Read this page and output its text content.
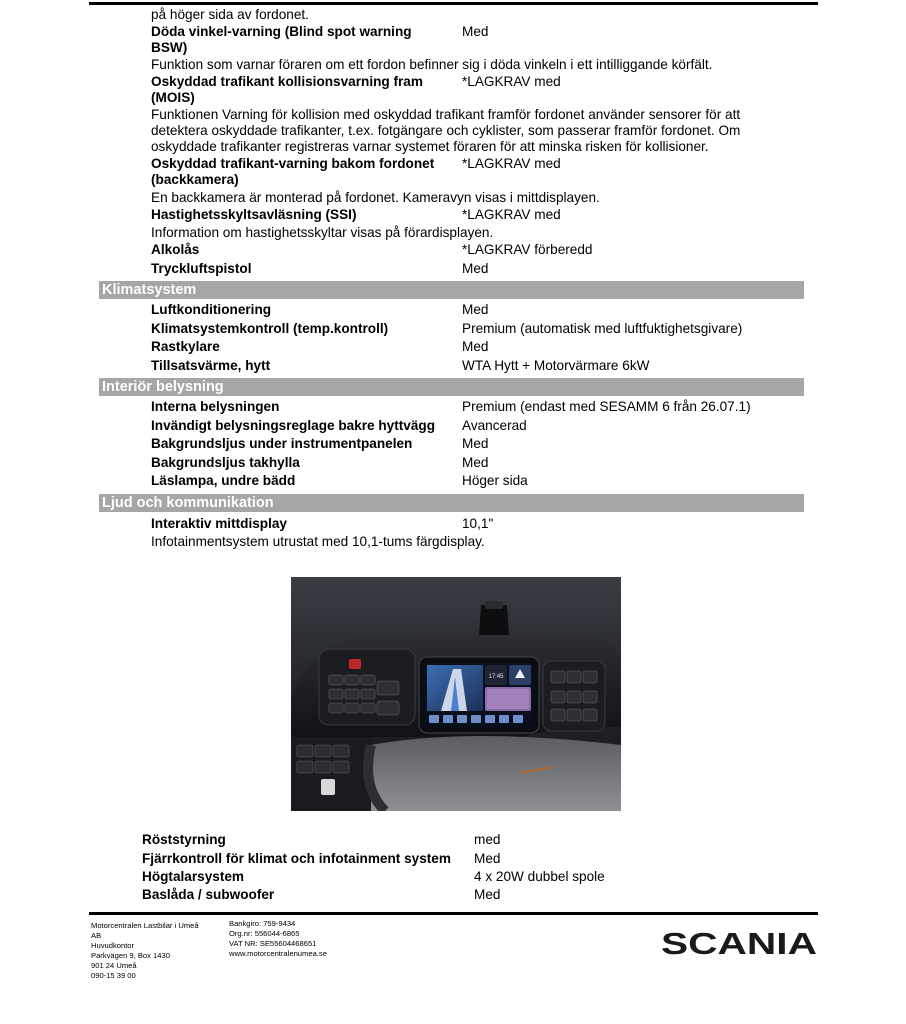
på höger sida av fordonet.
Döda vinkel-varning (Blind spot warning	Med
BSW)
Funktion som varnar föraren om ett fordon befinner sig i döda vinkeln i ett intilliggande körfält.
Oskyddad trafikant kollisionsvarning fram	*LAGKRAV med
(MOIS)
Funktionen Varning för kollision med oskyddad trafikant framför fordonet använder sensorer för att
detektera oskyddade trafikanter, t.ex. fotgängare och cyklister, som passerar framför fordonet. Om
oskyddade trafikanter registreras varnar systemet föraren för att minska risken för kollisioner.
Oskyddad trafikant-varning bakom fordonet *LAGKRAV med
(backkamera)
En backkamera är monterad på fordonet. Kameravyn visas i mittdisplayen.
Hastighetsskyltsavläsning (SSI)	*LAGKRAV med
Information om hastighetsskyltar visas på förardisplayen.
Alkolås	*LAGKRAV förberedd
Tryckluftspistol	Med
Klimatsystem
Luftkonditionering	Med
Klimatsystemkontroll (temp.kontroll)	Premium (automatisk med luftfuktighetsgivare)
Rastkylare	Med
Tillsatsvärme, hytt	WTA Hytt + Motorvärmare 6kW
Interiör belysning
Interna belysningen	Premium (endast med SESAMM 6 från 26.07.1)
Invändigt belysningsreglage bakre hyttvägg Avancerad
Bakgrundsljus under instrumentpanelen	Med
Bakgrundsljus takhylla	Med
Läslampa, undre bädd	Höger sida
Ljud och kommunikation
Interaktiv mittdisplay	10,1"
Infotainmentsystem utrustat med 10,1-tums färgdisplay.
17:45
Röststyrning	med
Fjärrkontroll för klimat och infotainment system Med
Högtalarsystem	4 x 20W dubbel spole
Baslåda / subwoofer	Med
Motorcentralen Lastbilar i Umeå
AB
Huvudkontor
Parkvägen 9, Box 1430
901 24 Umeå
090-15 39 00
Bankgiro: 759-9434
Org.nr: 556044-6865
VAT NR: SE55604468651
www.motorcentralenumea.se	SCANIA
